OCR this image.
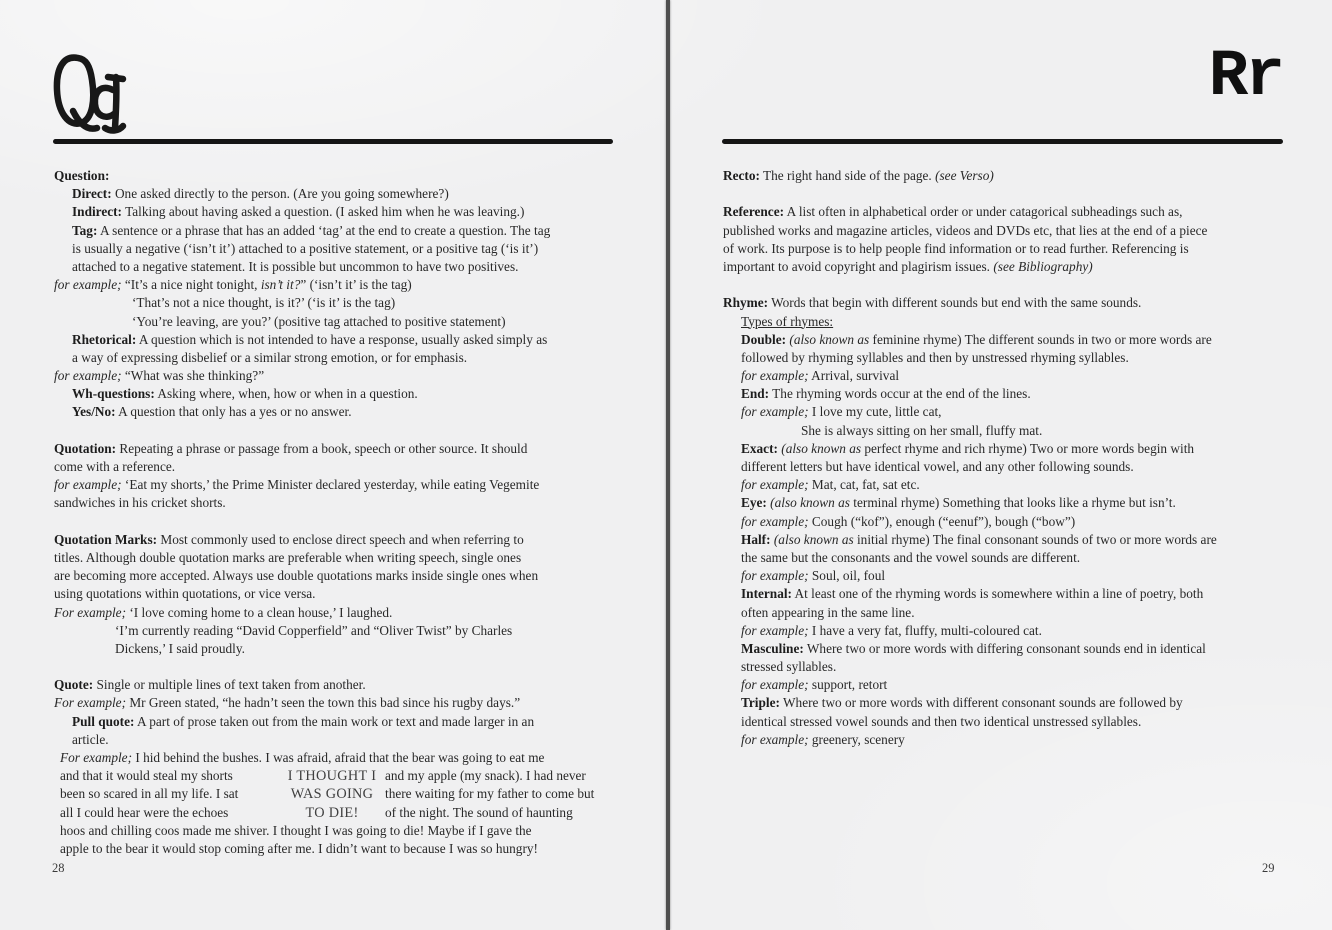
Question:
Direct: One asked directly to the person. (Are you going somewhere?)
Indirect: Talking about having asked a question. (I asked him when he was leaving.)
Tag: A sentence or a phrase that has an added ‘tag’ at the end to create a question. The tag
is usually a negative (‘isn’t it’) attached to a positive statement, or a positive tag (‘is it’)
attached to a negative statement. It is possible but uncommon to have two positives.
for example; “It’s a nice night tonight, isn’t it?” (‘isn’t it’ is the tag)
‘That’s not a nice thought, is it?’ (‘is it’ is the tag)
‘You’re leaving, are you?’ (positive tag attached to positive statement)
Rhetorical: A question which is not intended to have a response, usually asked simply as
a way of expressing disbelief or a similar strong emotion, or for emphasis.
for example; “What was she thinking?”
Wh-questions: Asking where, when, how or when in a question.
Yes/No: A question that only has a yes or no answer.
Quotation: Repeating a phrase or passage from a book, speech or other source. It should
come with a reference.
for example; ‘Eat my shorts,’ the Prime Minister declared yesterday, while eating Vegemite
sandwiches in his cricket shorts.
Quotation Marks: Most commonly used to enclose direct speech and when referring to
titles. Although double quotation marks are preferable when writing speech, single ones
are becoming more accepted. Always use double quotations marks inside single ones when
using quotations within quotations, or vice versa.
For example; ‘I love coming home to a clean house,’ I laughed.
‘I’m currently reading “David Copperfield” and “Oliver Twist” by Charles
Dickens,’ I said proudly.
Quote: Single or multiple lines of text taken from another.
For example; Mr Green stated, “he hadn’t seen the town this bad since his rugby days.”
Pull quote: A part of prose taken out from the main work or text and made larger in an
article.
For example; I hid behind the bushes. I was afraid, afraid that the bear was going to eat me
and that it would steal my shorts	I THOUGHT I and my apple (my snack). I had never
been so scared in all my life. I sat	WAS GOING there waiting for my father to come but
all I could hear were the echoes	TO DIE!	of the night. The sound of haunting
hoos and chilling coos made me shiver. I thought I was going to die! Maybe if I gave the
apple to the bear it would stop coming after me. I didn’t want to because I was so hungry!
28
Rr
Recto: The right hand side of the page. (see Verso)
Reference: A list often in alphabetical order or under catagorical subheadings such as,
published works and magazine articles, videos and DVDs etc, that lies at the end of a piece
of work. Its purpose is to help people find information or to read further. Referencing is
important to avoid copyright and plagirism issues. (see Bibliography)
Rhyme: Words that begin with different sounds but end with the same sounds.
Types of rhymes:
Double: (also known as feminine rhyme) The different sounds in two or more words are
followed by rhyming syllables and then by unstressed rhyming syllables.
for example; Arrival, survival
End: The rhyming words occur at the end of the lines.
for example; I love my cute, little cat,
She is always sitting on her small, fluffy mat.
Exact: (also known as perfect rhyme and rich rhyme) Two or more words begin with
different letters but have identical vowel, and any other following sounds.
for example; Mat, cat, fat, sat etc.
Eye: (also known as terminal rhyme) Something that looks like a rhyme but isn’t.
for example; Cough (“kof”), enough (“eenuf”), bough (“bow”)
Half: (also known as initial rhyme) The final consonant sounds of two or more words are
the same but the consonants and the vowel sounds are different.
for example; Soul, oil, foul
Internal: At least one of the rhyming words is somewhere within a line of poetry, both
often appearing in the same line.
for example; I have a very fat, fluffy, multi-coloured cat.
Masculine: Where two or more words with differing consonant sounds end in identical
stressed syllables.
for example; support, retort
Triple: Where two or more words with different consonant sounds are followed by
identical stressed vowel sounds and then two identical unstressed syllables.
for example; greenery, scenery
29
